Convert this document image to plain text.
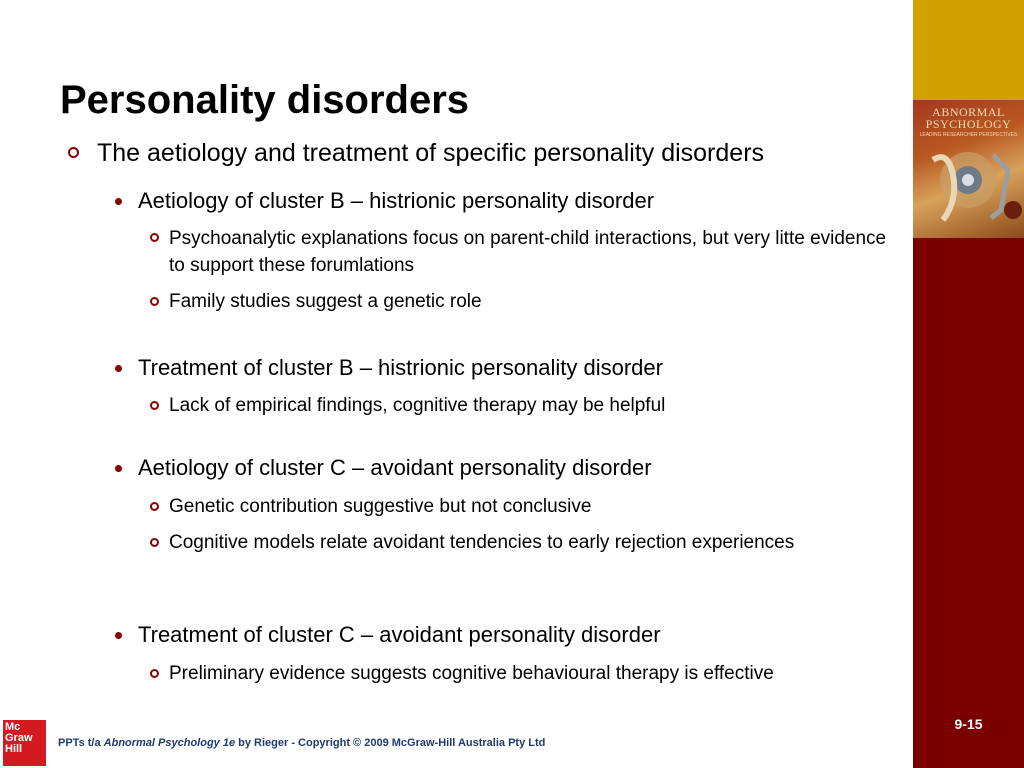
ABNORMAL
PSYCHOLOGY
LEADING RESEARCHER PERSPECTIVES
9-15
Personality disorders
The aetiology and treatment of specific personality disorders
Aetiology of cluster B – histrionic personality disorder
Psychoanalytic explanations focus on parent-child interactions, but very litte evidence to support these forumlations
Family studies suggest a genetic role
Treatment of cluster B – histrionic personality disorder
Lack of empirical findings, cognitive therapy may be helpful
Aetiology of cluster C – avoidant personality disorder
Genetic contribution suggestive but not conclusive
Cognitive models relate avoidant tendencies to early rejection experiences
Treatment of cluster C – avoidant personality disorder
Preliminary evidence suggests cognitive behavioural therapy is effective
Mc
Graw
Hill	PPTs t/a Abnormal Psychology 1e by Rieger - Copyright © 2009 McGraw-Hill Australia Pty Ltd
